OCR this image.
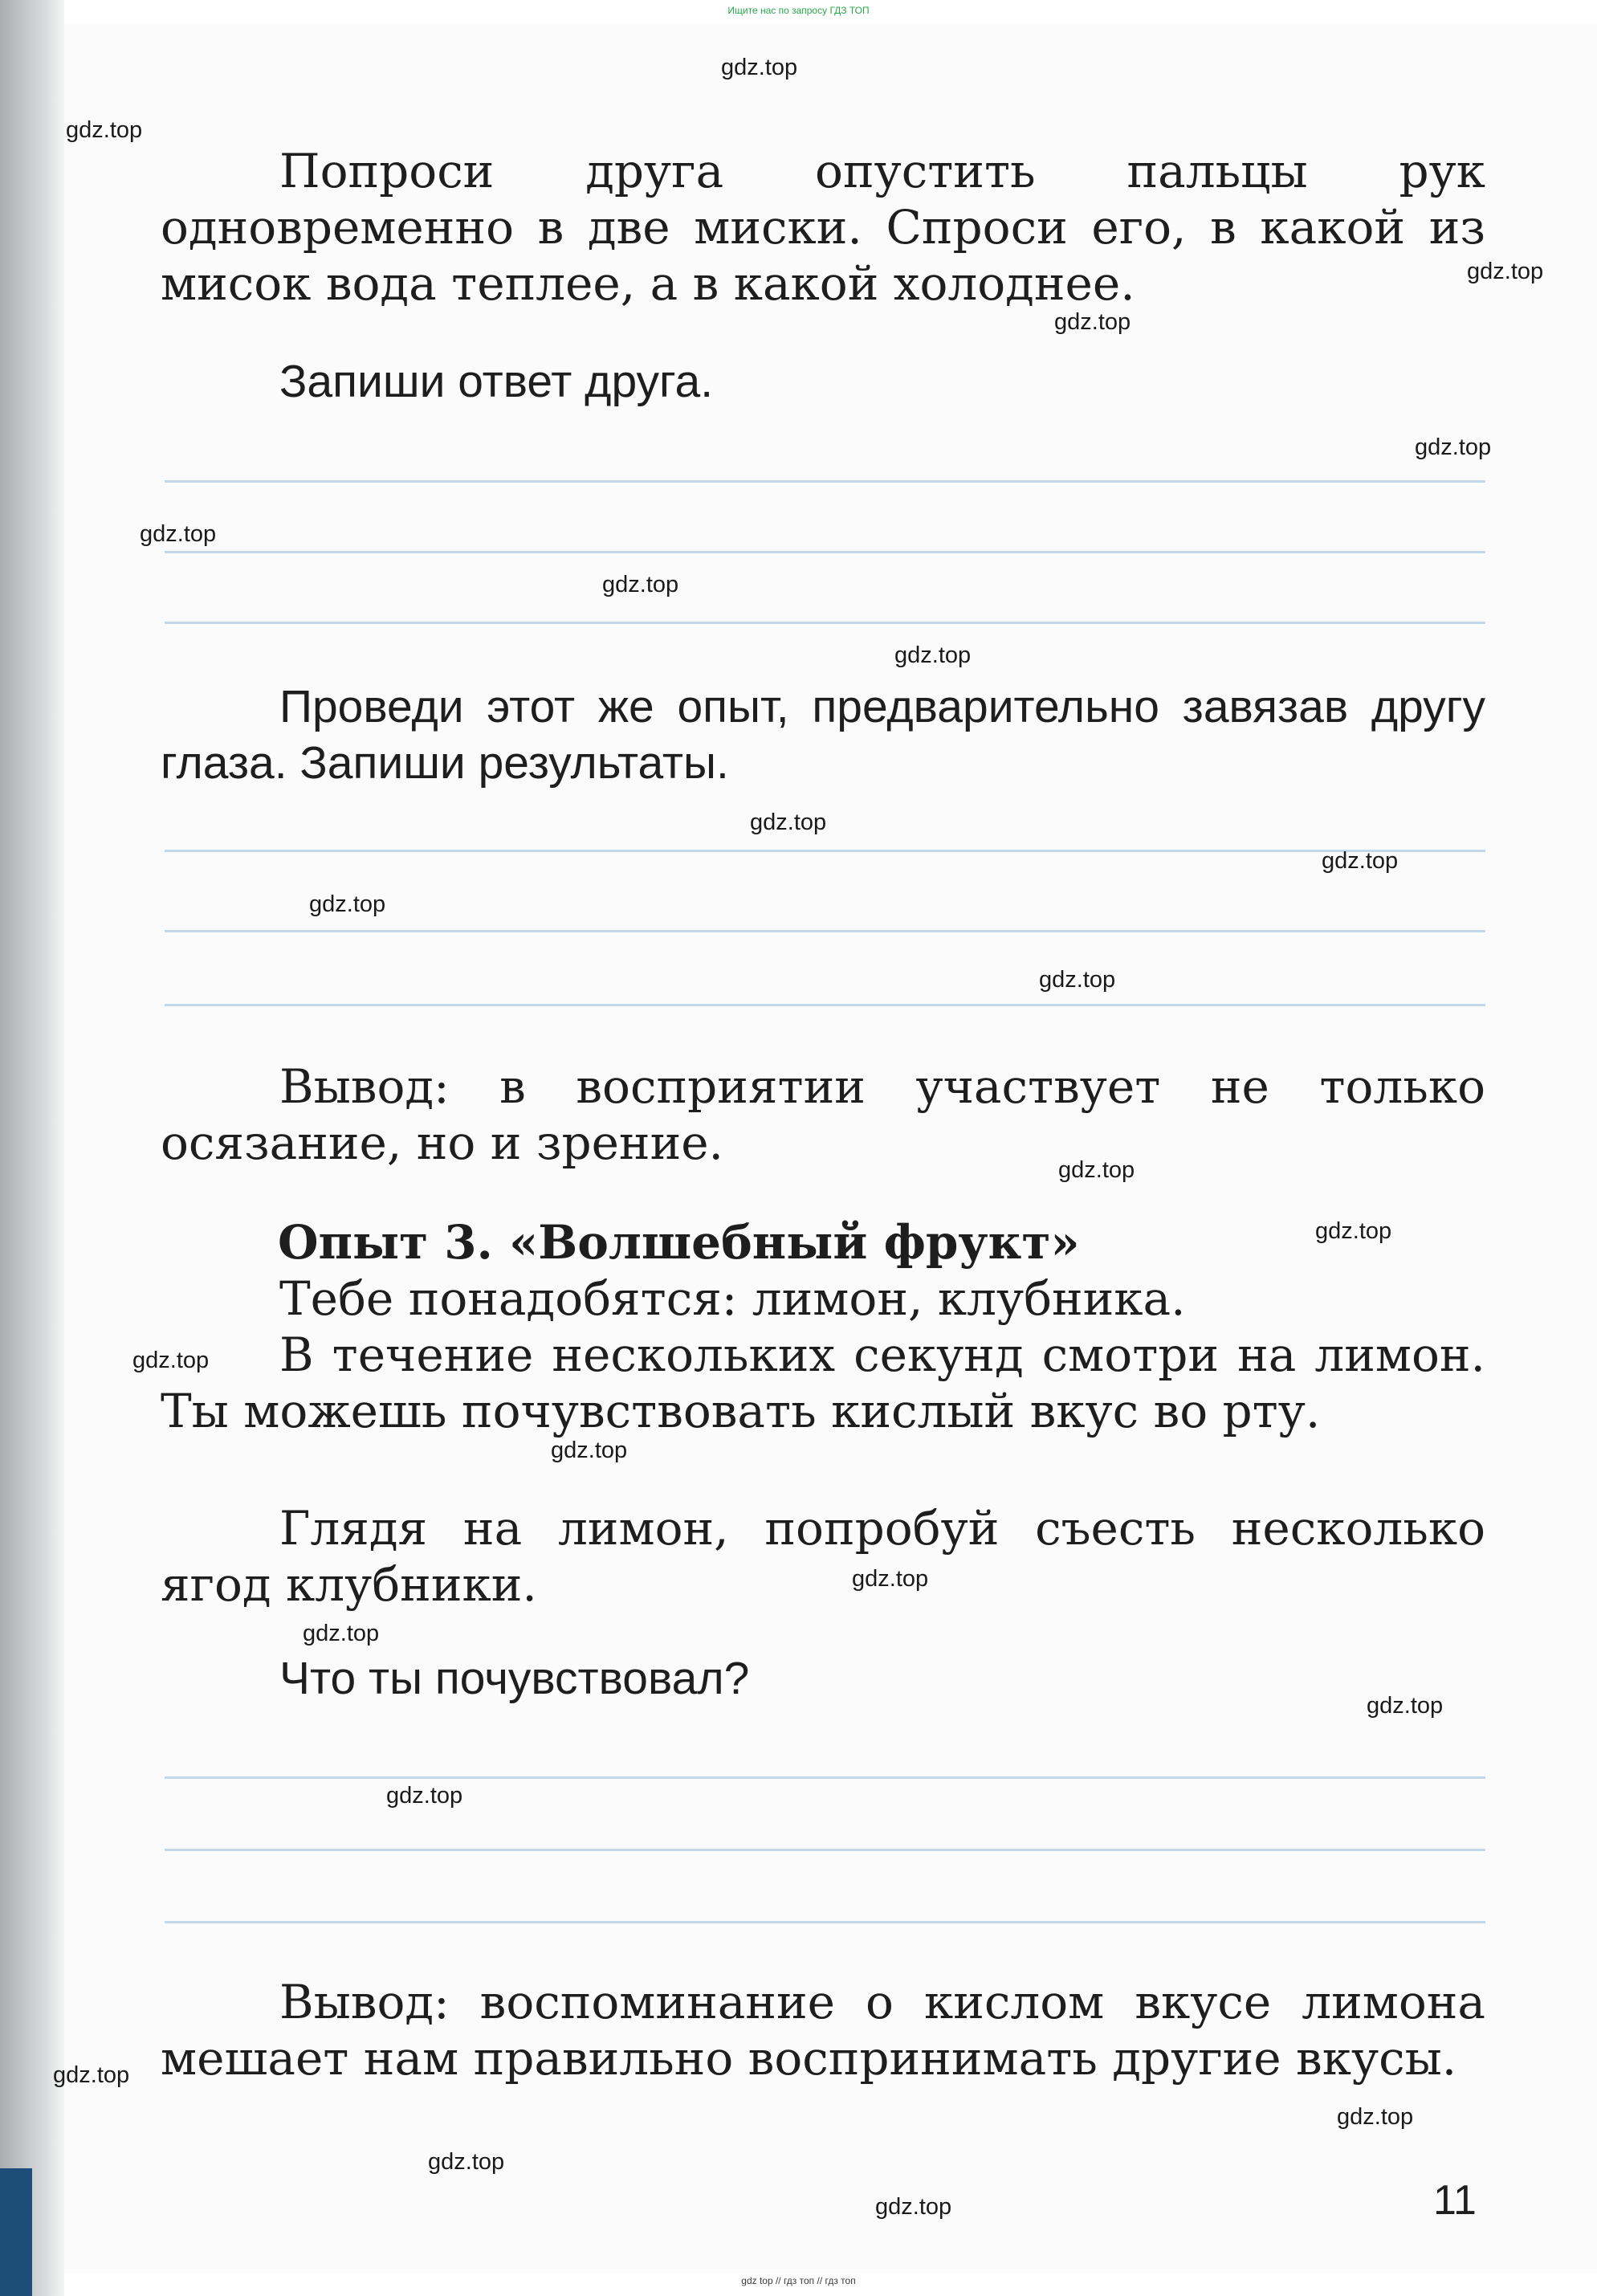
Ищите нас по запросу ГДЗ ТОП
gdz top // гдз топ // гдз топ
Попроси друга опустить пальцы рук одновременно в две миски. Спроси его, в какой из мисок вода теплее, а в какой холоднее.
Запиши ответ друга.
Проведи этот же опыт, предварительно завязав другу глаза. Запиши результаты.
Вывод: в восприятии участвует не только осязание, но и зрение.
Опыт 3. «Волшебный фрукт»
Тебе понадобятся: лимон, клубника.
В течение нескольких секунд смотри на лимон. Ты можешь почувствовать кислый вкус во рту.
Глядя на лимон, попробуй съесть несколько ягод клубники.
Что ты почувствовал?
Вывод: воспоминание о кислом вкусе лимона мешает нам правильно воспринимать другие вкусы.
11
gdz.top
gdz.top
gdz.top
gdz.top
gdz.top
gdz.top
gdz.top
gdz.top
gdz.top
gdz.top
gdz.top
gdz.top
gdz.top
gdz.top
gdz.top
gdz.top
gdz.top
gdz.top
gdz.top
gdz.top
gdz.top
gdz.top
gdz.top
gdz.top
